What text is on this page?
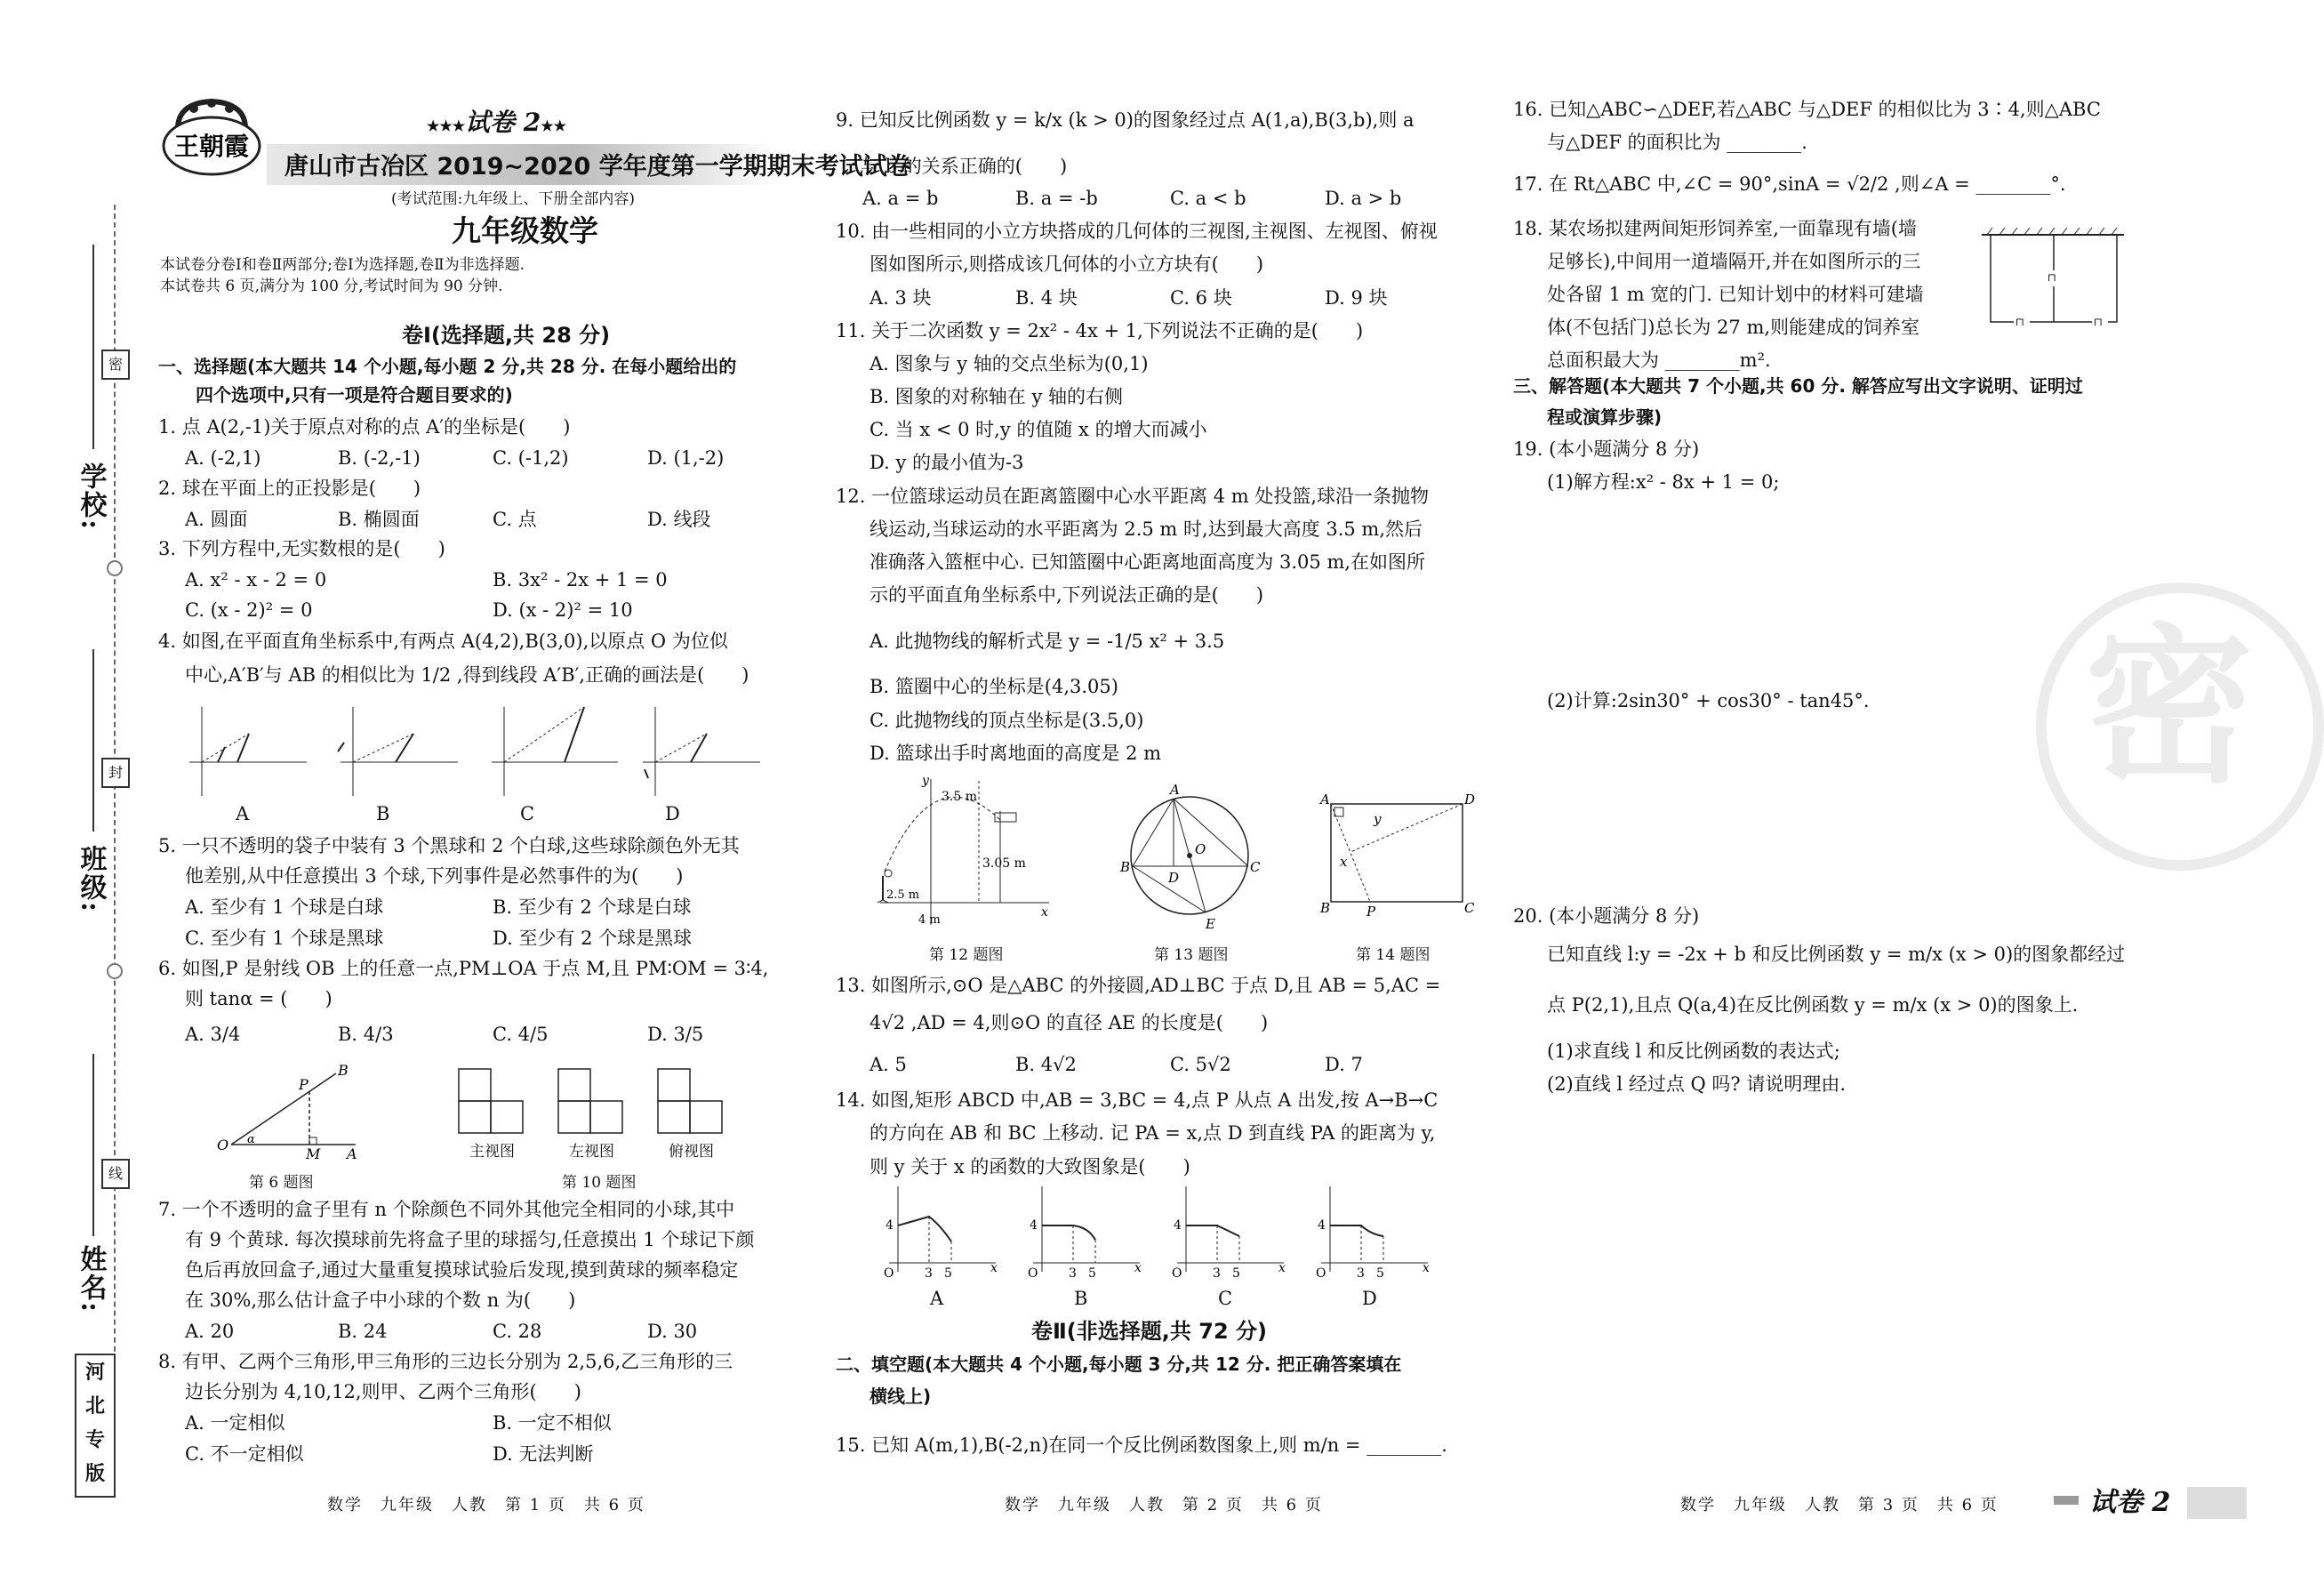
密
封
线
学校:
班级:
姓名:
河
北
专
版
王朝霞
★★★试卷 2★★
唐山市古冶区 2019~2020 学年度第一学期期末考试试卷
(考试范围:九年级上、下册全部内容)
九年级数学
本试卷分卷Ⅰ和卷Ⅱ两部分;卷Ⅰ为选择题,卷Ⅱ为非选择题.
本试卷共 6 页,满分为 100 分,考试时间为 90 分钟.
卷Ⅰ(选择题,共 28 分)
一、选择题(本大题共 14 个小题,每小题 2 分,共 28 分. 在每小题给出的
四个选项中,只有一项是符合题目要求的)
1. 点 A(2,-1)关于原点对称的点 A′的坐标是(　　)
A. (-2,1)	B. (-2,-1)	C. (-1,2)	D. (1,-2)
2. 球在平面上的正投影是(　　)
A. 圆面	B. 椭圆面	C. 点	D. 线段
3. 下列方程中,无实数根的是(　　)
A. x² - x - 2 = 0	B. 3x² - 2x + 1 = 0
C. (x - 2)² = 0	D. (x - 2)² = 10
4. 如图,在平面直角坐标系中,有两点 A(4,2),B(3,0),以原点 O 为位似
中心,A′B′与 AB 的相似比为 1/2 ,得到线段 A′B′,正确的画法是(　　)
A	B	C	D
5. 一只不透明的袋子中装有 3 个黑球和 2 个白球,这些球除颜色外无其
他差别,从中任意摸出 3 个球,下列事件是必然事件的为(　　)
A. 至少有 1 个球是白球	B. 至少有 2 个球是白球
C. 至少有 1 个球是黑球	D. 至少有 2 个球是黑球
6. 如图,P 是射线 OB 上的任意一点,PM⊥OA 于点 M,且 PM∶OM = 3∶4,
则 tanα = (　　)
A. 3/4	B. 4/3	C. 4/5	D. 3/5
O
P
B
M A
α
第 6 题图
主视图	左视图	俯视图
第 10 题图
7. 一个不透明的盒子里有 n 个除颜色不同外其他完全相同的小球,其中
有 9 个黄球. 每次摸球前先将盒子里的球摇匀,任意摸出 1 个球记下颜
色后再放回盒子,通过大量重复摸球试验后发现,摸到黄球的频率稳定
在 30%,那么估计盒子中小球的个数 n 为(　　)
A. 20	B. 24	C. 28	D. 30
8. 有甲、乙两个三角形,甲三角形的三边长分别为 2,5,6,乙三角形的三
边长分别为 4,10,12,则甲、乙两个三角形(　　)
A. 一定相似	B. 一定不相似
C. 不一定相似	D. 无法判断
数学　九年级　人教　第 1 页　共 6 页
9. 已知反比例函数 y = k/x (k > 0)的图象经过点 A(1,a),B(3,b),则 a
与 b 的关系正确的(　　)
A. a = b	B. a = -b	C. a < b	D. a > b
10. 由一些相同的小立方块搭成的几何体的三视图,主视图、左视图、俯视
图如图所示,则搭成该几何体的小立方块有(　　)
A. 3 块	B. 4 块	C. 6 块	D. 9 块
11. 关于二次函数 y = 2x² - 4x + 1,下列说法不正确的是(　　)
A. 图象与 y 轴的交点坐标为(0,1)
B. 图象的对称轴在 y 轴的右侧
C. 当 x < 0 时,y 的值随 x 的增大而减小
D. y 的最小值为-3
12. 一位篮球运动员在距离篮圈中心水平距离 4 m 处投篮,球沿一条抛物
线运动,当球运动的水平距离为 2.5 m 时,达到最大高度 3.5 m,然后
准确落入篮框中心. 已知篮圈中心距离地面高度为 3.05 m,在如图所
示的平面直角坐标系中,下列说法正确的是(　　)
A. 此抛物线的解析式是 y = -1/5 x² + 3.5
B. 篮圈中心的坐标是(4,3.05)
C. 此抛物线的顶点坐标是(3.5,0)
D. 篮球出手时离地面的高度是 2 m
y
x
3.5 m
3.05 m
2.5 m
4 m
第 12 题图
A
B	C
D
O
E
第 13 题图
A	D
B	C
P
x
y
第 14 题图
13. 如图所示,⊙O 是△ABC 的外接圆,AD⊥BC 于点 D,且 AB = 5,AC =
4√2 ,AD = 4,则⊙O 的直径 AE 的长度是(　　)
A. 5	B. 4√2	C. 5√2	D. 7
14. 如图,矩形 ABCD 中,AB = 3,BC = 4,点 P 从点 A 出发,按 A→B→C
的方向在 AB 和 BC 上移动. 记 PA = x,点 D 到直线 PA 的距离为 y,
则 y 关于 x 的函数的大致图象是(　　)
4
O 3 5	x
4
O 3 5	x
4
O 3 5	x
4
O 3 5	x
A	B	C	D
卷Ⅱ(非选择题,共 72 分)
二、填空题(本大题共 4 个小题,每小题 3 分,共 12 分. 把正确答案填在
横线上)
15. 已知 A(m,1),B(-2,n)在同一个反比例函数图象上,则 m/n = ________.
数学　九年级　人教　第 2 页　共 6 页
密
16. 已知△ABC∽△DEF,若△ABC 与△DEF 的相似比为 3∶4,则△ABC
与△DEF 的面积比为 ________.
17. 在 Rt△ABC 中,∠C = 90°,sinA = √2/2 ,则∠A = ________°.
18. 某农场拟建两间矩形饲养室,一面靠现有墙(墙
足够长),中间用一道墙隔开,并在如图所示的三
处各留 1 m 宽的门. 已知计划中的材料可建墙
体(不包括门)总长为 27 m,则能建成的饲养室
总面积最大为 ________m².
⊓
⊓	⊓
三、解答题(本大题共 7 个小题,共 60 分. 解答应写出文字说明、证明过
程或演算步骤)
19. (本小题满分 8 分)
(1)解方程:x² - 8x + 1 = 0;
(2)计算:2sin30° + cos30° - tan45°.
20. (本小题满分 8 分)
已知直线 l:y = -2x + b 和反比例函数 y = m/x (x > 0)的图象都经过
点 P(2,1),且点 Q(a,4)在反比例函数 y = m/x (x > 0)的图象上.
(1)求直线 l 和反比例函数的表达式;
(2)直线 l 经过点 Q 吗? 请说明理由.
数学　九年级　人教　第 3 页　共 6 页	试卷 2
